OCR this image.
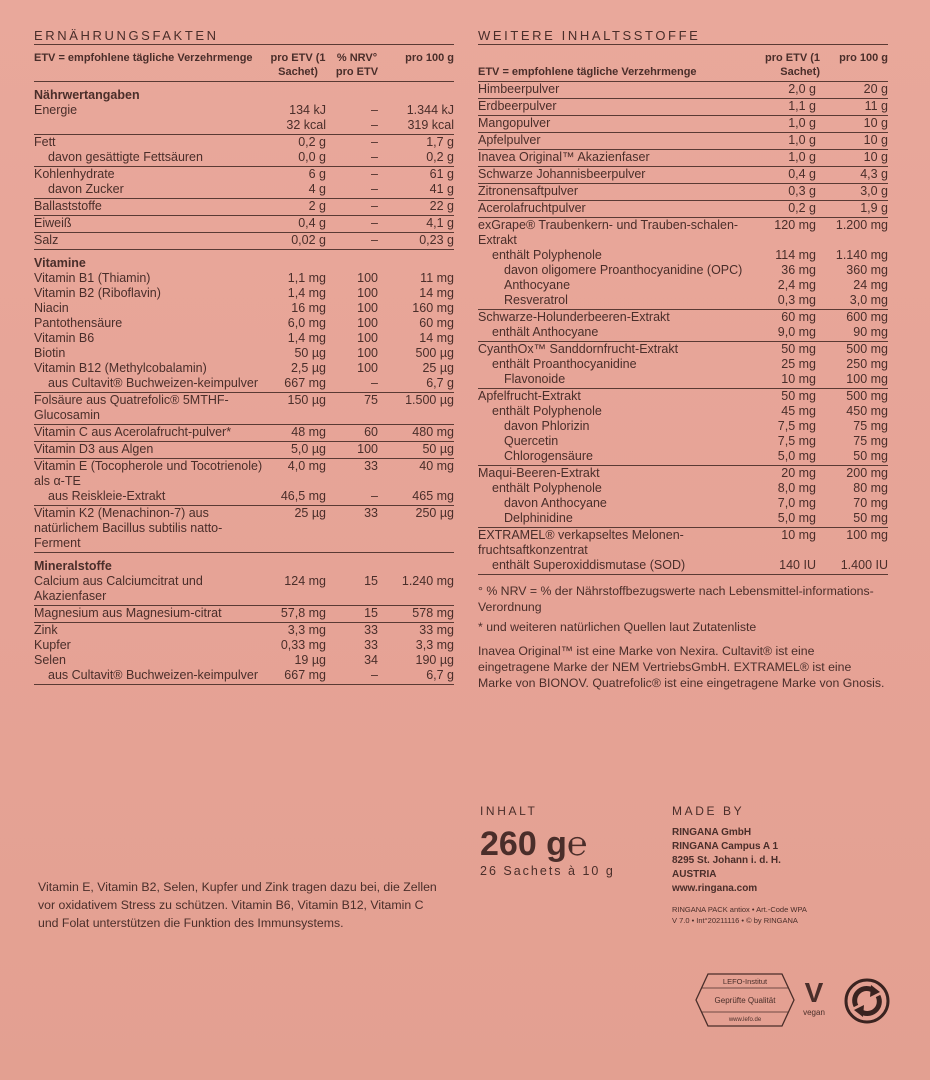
ERNÄHRUNGSFAKTEN
ETV = empfohlene tägliche Verzehrmenge	pro ETV (1 Sachet)	% NRV° pro ETV	pro 100 g
Nährwertangaben			
Energie	134 kJ	–	1.344 kJ
	32 kcal	–	319 kcal
Fett	0,2 g	–	1,7 g
davon gesättigte Fettsäuren	0,0 g	–	0,2 g
Kohlenhydrate	6 g	–	61 g
davon Zucker	4 g	–	41 g
Ballaststoffe	2 g	–	22 g
Eiweiß	0,4 g	–	4,1 g
Salz	0,02 g	–	0,23 g
Vitamine			
Vitamin B1 (Thiamin)	1,1 mg	100	11 mg
Vitamin B2 (Riboflavin)	1,4 mg	100	14 mg
Niacin	16 mg	100	160 mg
Pantothensäure	6,0 mg	100	60 mg
Vitamin B6	1,4 mg	100	14 mg
Biotin	50 µg	100	500 µg
Vitamin B12 (Methylcobalamin)	2,5 µg	100	25 µg
aus Cultavit® Buchweizen-keimpulver	667 mg	–	6,7 g
Folsäure aus Quatrefolic® 5MTHF-Glucosamin	150 µg	75	1.500 µg
Vitamin C aus Acerolafrucht-pulver*	48 mg	60	480 mg
Vitamin D3 aus Algen	5,0 µg	100	50 µg
Vitamin E (Tocopherole und Tocotrienole) als α-TE	4,0 mg	33	40 mg
aus Reiskleie-Extrakt	46,5 mg	–	465 mg
Vitamin K2 (Menachinon-7) aus natürlichem Bacillus subtilis natto-Ferment	25 µg	33	250 µg
Mineralstoffe			
Calcium aus Calciumcitrat und Akazienfaser	124 mg	15	1.240 mg
Magnesium aus Magnesium-citrat	57,8 mg	15	578 mg
Zink	3,3 mg	33	33 mg
Kupfer	0,33 mg	33	3,3 mg
Selen	19 µg	34	190 µg
aus Cultavit® Buchweizen-keimpulver	667 mg	–	6,7 g
Vitamin E, Vitamin B2, Selen, Kupfer und Zink tragen dazu bei, die Zellen vor oxidativem Stress zu schützen. Vitamin B6, Vitamin B12, Vitamin C und Folat unterstützen die Funktion des Immunsystems.
WEITERE INHALTSSTOFFE
ETV = empfohlene tägliche Verzehrmenge	pro ETV (1 Sachet)	pro 100 g
Himbeerpulver	2,0 g	20 g
Erdbeerpulver	1,1 g	11 g
Mangopulver	1,0 g	10 g
Apfelpulver	1,0 g	10 g
Inavea Original™ Akazienfaser	1,0 g	10 g
Schwarze Johannisbeerpulver	0,4 g	4,3 g
Zitronensaftpulver	0,3 g	3,0 g
Acerolafruchtpulver	0,2 g	1,9 g
exGrape® Traubenkern- und Trauben-schalen-Extrakt	120 mg	1.200 mg
enthält Polyphenole	114 mg	1.140 mg
davon oligomere Proanthocyanidine (OPC)	36 mg	360 mg
Anthocyane	2,4 mg	24 mg
Resveratrol	0,3 mg	3,0 mg
Schwarze-Holunderbeeren-Extrakt	60 mg	600 mg
enthält Anthocyane	9,0 mg	90 mg
CyanthOx™ Sanddornfrucht-Extrakt	50 mg	500 mg
enthält Proanthocyanidine	25 mg	250 mg
Flavonoide	10 mg	100 mg
Apfelfrucht-Extrakt	50 mg	500 mg
enthält Polyphenole	45 mg	450 mg
davon Phlorizin	7,5 mg	75 mg
Quercetin	7,5 mg	75 mg
Chlorogensäure	5,0 mg	50 mg
Maqui-Beeren-Extrakt	20 mg	200 mg
enthält Polyphenole	8,0 mg	80 mg
davon Anthocyane	7,0 mg	70 mg
Delphinidine	5,0 mg	50 mg
EXTRAMEL® verkapseltes Melonen-fruchtsaftkonzentrat	10 mg	100 mg
enthält Superoxiddismutase (SOD)	140 IU	1.400 IU

° % NRV = % der Nährstoffbezugswerte nach Lebensmittel-informations-Verordnung

* und weiteren natürlichen Quellen laut Zutatenliste

Inavea Original™ ist eine Marke von Nexira. Cultavit® ist eine eingetragene Marke der NEM VertriebsGmbH. EXTRAMEL® ist eine Marke von BIONOV. Quatrefolic® ist eine eingetragene Marke von Gnosis.

INHALT
260 g℮
26 Sachets à 10 g
MADE BY
RINGANA GmbH
RINGANA Campus A 1
8295 St. Johann i. d. H.
AUSTRIA
www.ringana.com
RINGANA PACK antiox • Art.-Code WPA
V 7.0 • Int°20211116 • © by RINGANA
LEFO-Institut
Geprüfte Qualität
www.lefo.de
V
vegan
